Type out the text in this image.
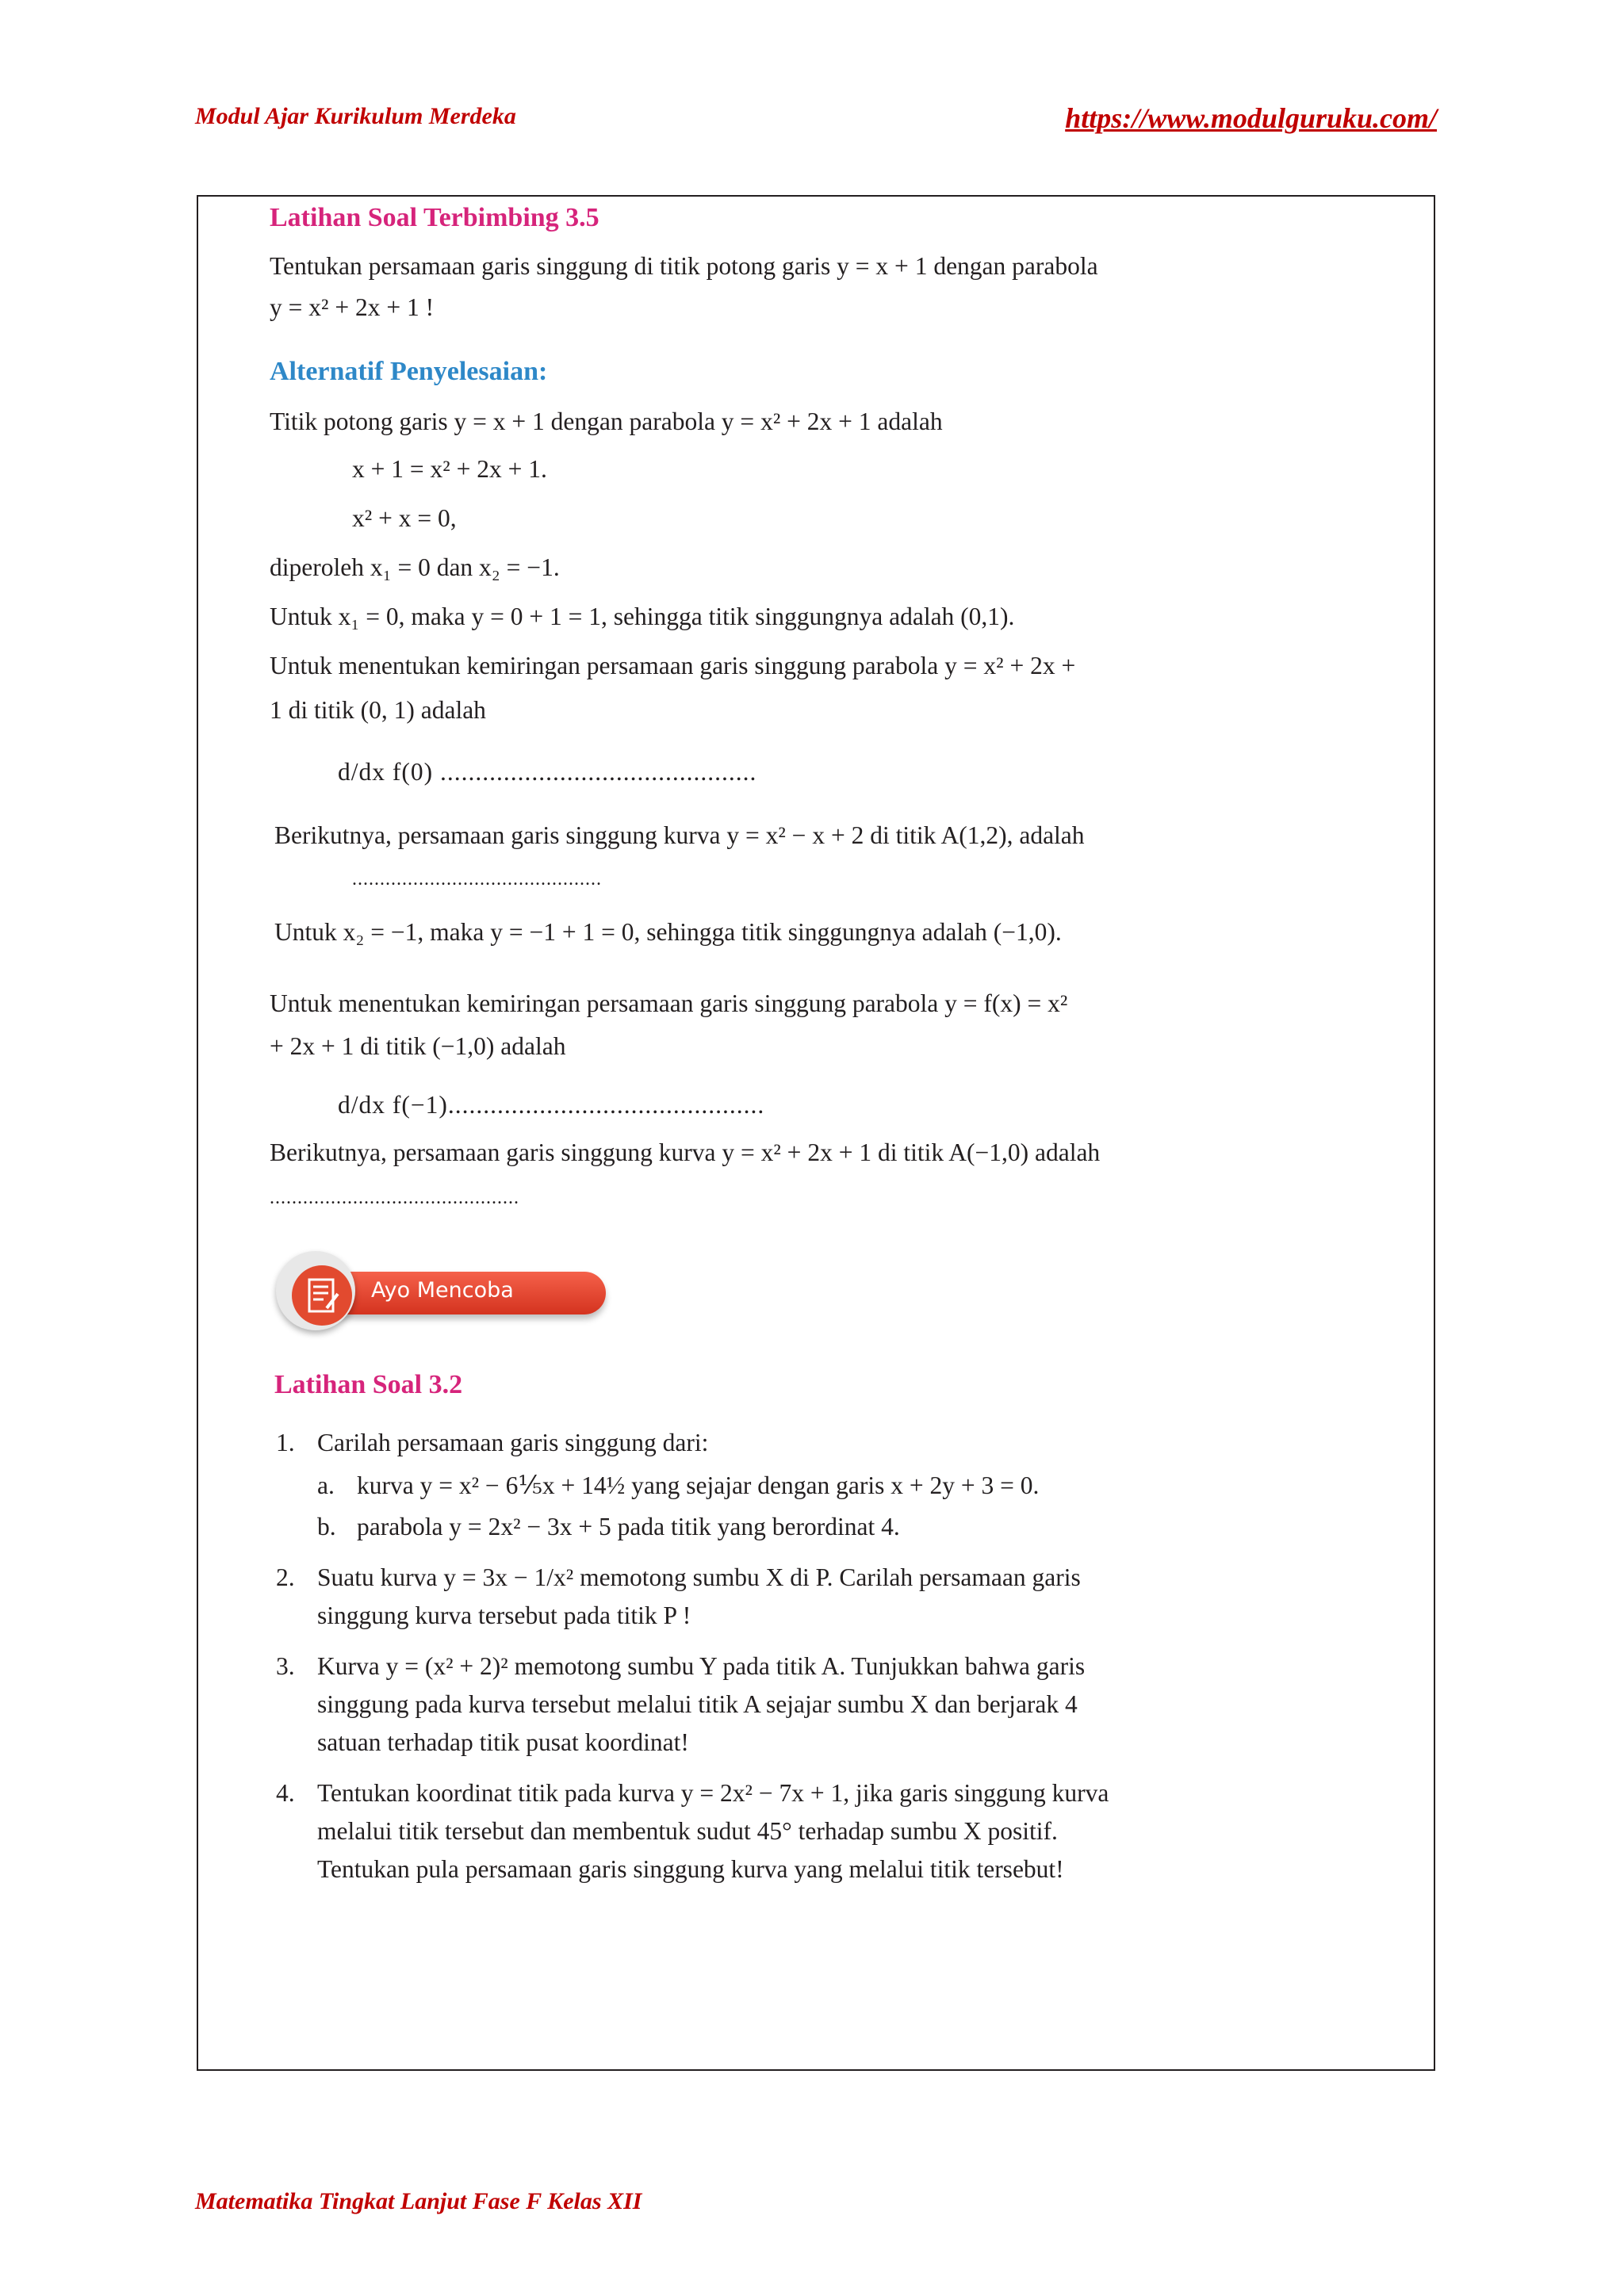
Modul Ajar Kurikulum Merdeka	https://www.modulguruku.com/
Latihan Soal Terbimbing 3.5
Tentukan persamaan garis singgung di titik potong garis y = x + 1 dengan parabola
y = x² + 2x + 1 !
Alternatif Penyelesaian:
Titik potong garis y = x + 1 dengan parabola y = x² + 2x + 1 adalah
x + 1 = x² + 2x + 1.
x² + x = 0,
diperoleh x₁ = 0 dan x₂ = −1.
Untuk x₁ = 0, maka y = 0 + 1 = 1, sehingga titik singgungnya adalah (0,1).
Untuk menentukan kemiringan persamaan garis singgung parabola y = x² + 2x +
1 di titik (0, 1) adalah
d/dx f(0) .............................................
Berikutnya, persamaan garis singgung kurva y = x² − x + 2 di titik A(1,2), adalah
.............................................
Untuk x₂ = −1, maka y = −1 + 1 = 0, sehingga titik singgungnya adalah (−1,0).
Untuk menentukan kemiringan persamaan garis singgung parabola y = f(x) = x²
+ 2x + 1 di titik (−1,0) adalah
d/dx f(−1).............................................
Berikutnya, persamaan garis singgung kurva y = x² + 2x + 1 di titik A(−1,0) adalah
.............................................
Ayo Mencoba
Latihan Soal 3.2
1. Carilah persamaan garis singgung dari:
a. kurva y = x² − 6⅕x + 14½ yang sejajar dengan garis x + 2y + 3 = 0.
b. parabola y = 2x² − 3x + 5 pada titik yang berordinat 4.
2. Suatu kurva y = 3x − 1/x² memotong sumbu X di P. Carilah persamaan garis
singgung kurva tersebut pada titik P !
3. Kurva y = (x² + 2)² memotong sumbu Y pada titik A. Tunjukkan bahwa garis
singgung pada kurva tersebut melalui titik A sejajar sumbu X dan berjarak 4
satuan terhadap titik pusat koordinat!
4. Tentukan koordinat titik pada kurva y = 2x² − 7x + 1, jika garis singgung kurva
melalui titik tersebut dan membentuk sudut 45° terhadap sumbu X positif.
Tentukan pula persamaan garis singgung kurva yang melalui titik tersebut!
Matematika Tingkat Lanjut Fase F Kelas XII
